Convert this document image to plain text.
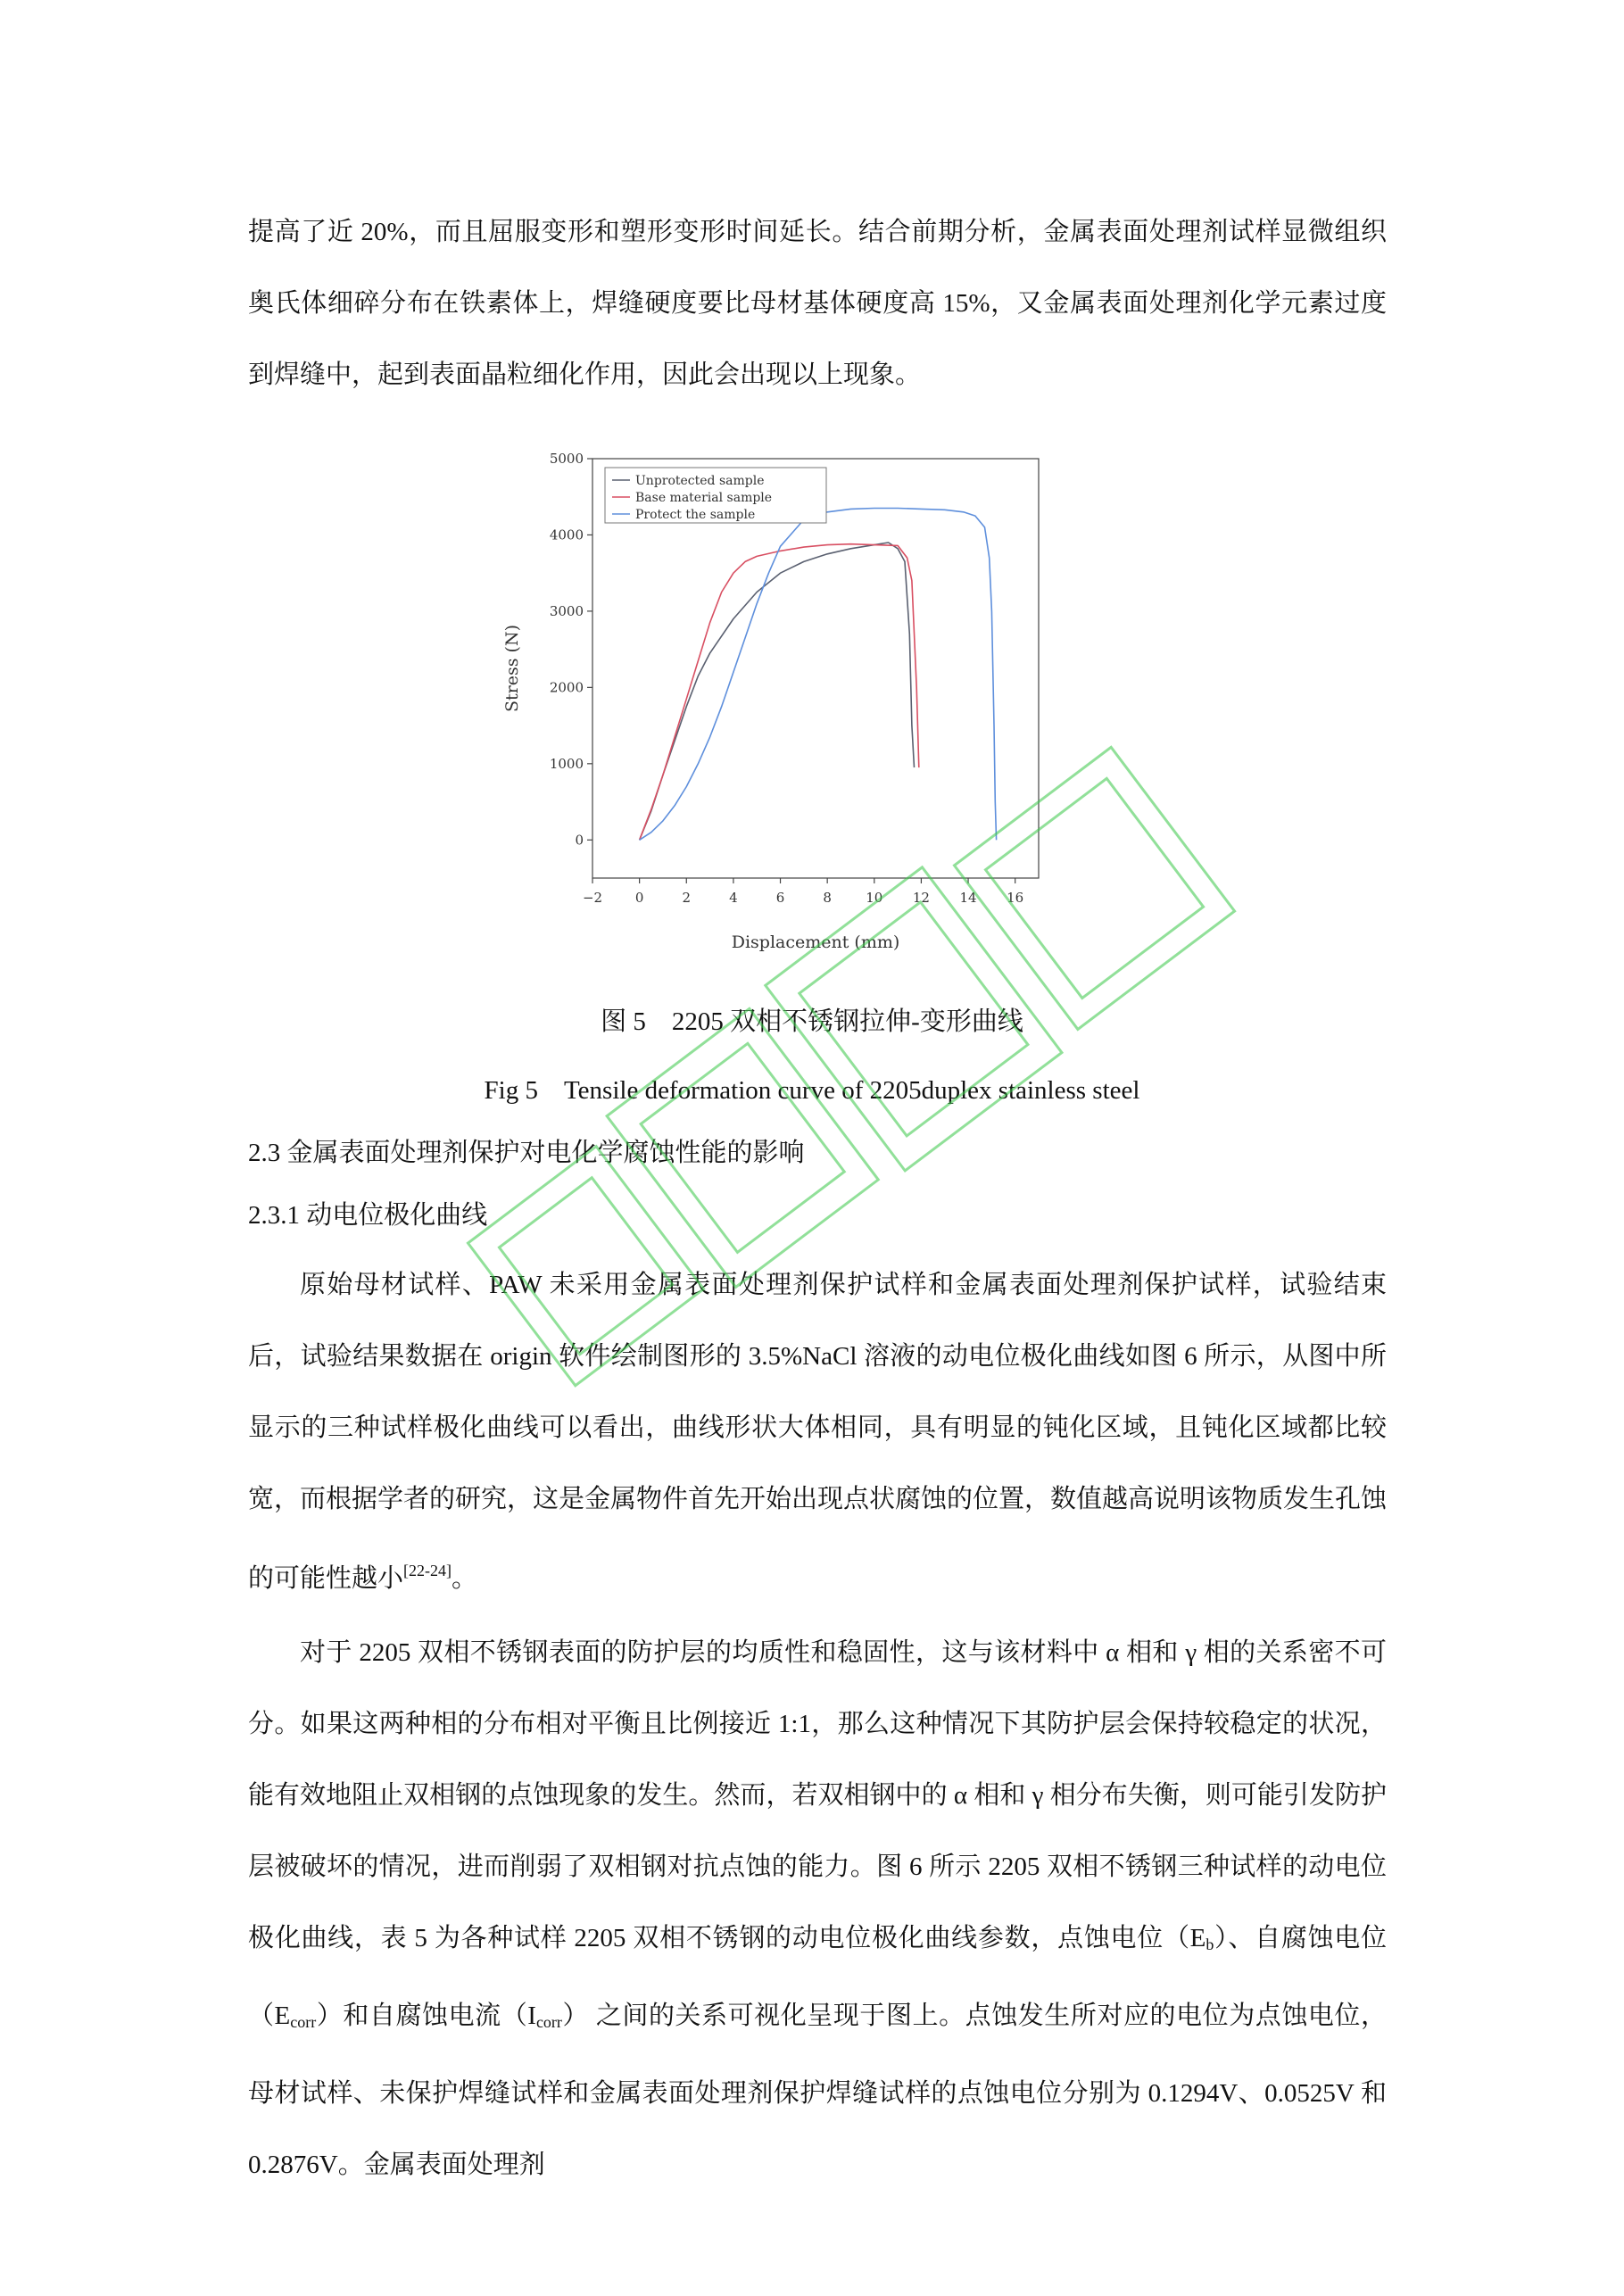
提高了近 20%，而且屈服变形和塑形变形时间延长。结合前期分析，金属表面处理剂试样显微组织奥氏体细碎分布在铁素体上，焊缝硬度要比母材基体硬度高 15%，又金属表面处理剂化学元素过度到焊缝中，起到表面晶粒细化作用，因此会出现以上现象。

−2 0	2	4	6	8	10 12 14 16
0
1000
2000
3000
4000
5000
Unprotected sample
Base material sample
Protect the sample
Displacement (mm)
Stress (N)

图 5　2205 双相不锈钢拉伸-变形曲线

Fig 5　Tensile deformation curve of 2205duplex stainless steel

2.3 金属表面处理剂保护对电化学腐蚀性能的影响

2.3.1 动电位极化曲线

原始母材试样、PAW 未采用金属表面处理剂保护试样和金属表面处理剂保护试样，试验结束后，试验结果数据在 origin 软件绘制图形的 3.5%NaCl 溶液的动电位极化曲线如图 6 所示，从图中所显示的三种试样极化曲线可以看出，曲线形状大体相同，具有明显的钝化区域，且钝化区域都比较宽，而根据学者的研究，这是金属物件首先开始出现点状腐蚀的位置，数值越高说明该物质发生孔蚀的可能性越小[22-24]。

对于 2205 双相不锈钢表面的防护层的均质性和稳固性，这与该材料中 α 相和 γ 相的关系密不可分。如果这两种相的分布相对平衡且比例接近 1:1，那么这种情况下其防护层会保持较稳定的状况，能有效地阻止双相钢的点蚀现象的发生。然而，若双相钢中的 α 相和 γ 相分布失衡，则可能引发防护层被破坏的情况，进而削弱了双相钢对抗点蚀的能力。图 6 所示 2205 双相不锈钢三种试样的动电位极化曲线，表 5 为各种试样 2205 双相不锈钢的动电位极化曲线参数，点蚀电位$(E_b)$、自腐蚀电位$(E_{corr})$和自腐蚀电流$(I_{corr})$ 之间的关系可视化呈现于图上。点蚀发生所对应的电位为点蚀电位，母材试样、未保护焊缝试样和金属表面处理剂保护焊缝试样的点蚀电位分别为 0.1294V、0.0525V 和 0.2876V。金属表面处理剂
